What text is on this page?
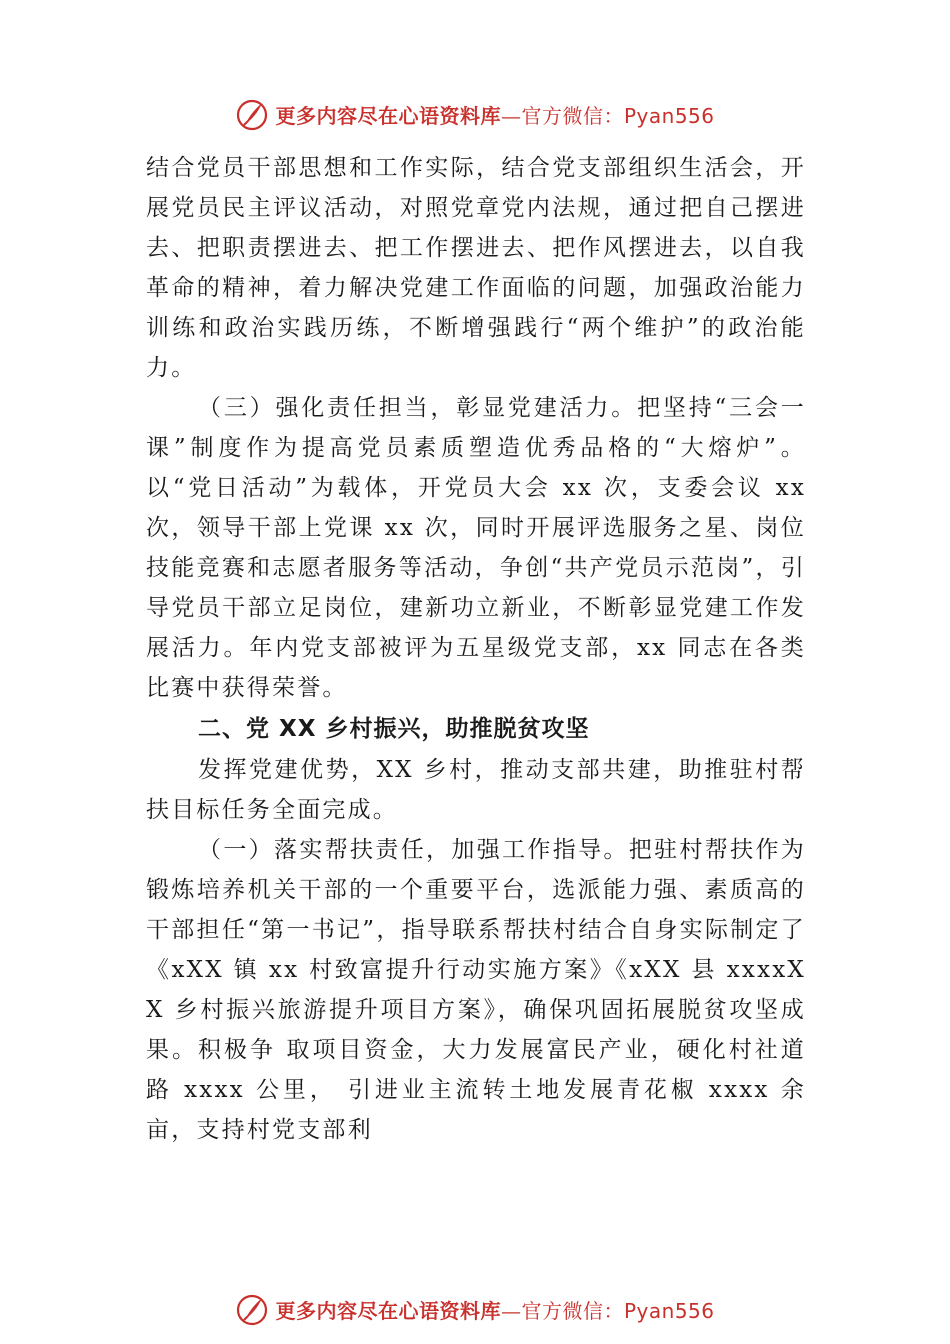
更多内容尽在心语资料库—官方微信：Pyan556

结合党员干部思想和工作实际，结合党支部组织生活会，开展党员民主评议活动，对照党章党内法规，通过把自己摆进去、把职责摆进去、把工作摆进去、把作风摆进去，以自我革命的精神，着力解决党建工作面临的问题，加强政治能力训练和政治实践历练，不断增强践行“两个维护”的政治能力。

（三）强化责任担当，彰显党建活力。把坚持“三会一课”制度作为提高党员素质塑造优秀品格的“大熔炉”。以“党日活动”为载体，开党员大会 xx 次，支委会议 xx 次，领导干部上党课 xx 次，同时开展评选服务之星、岗位技能竞赛和志愿者服务等活动，争创“共产党员示范岗”，引导党员干部立足岗位，建新功立新业，不断彰显党建工作发展活力。年内党支部被评为五星级党支部，xx 同志在各类比赛中获得荣誉。

二、党 XX 乡村振兴，助推脱贫攻坚

发挥党建优势，XX 乡村，推动支部共建，助推驻村帮扶目标任务全面完成。

（一）落实帮扶责任，加强工作指导。把驻村帮扶作为锻炼培养机关干部的一个重要平台，选派能力强、素质高的干部担任“第一书记”，指导联系帮扶村结合自身实际制定了《xXX 镇 xx 村致富提升行动实施方案》《xXX 县 xxxxXX 乡村振兴旅游提升项目方案》，确保巩固拓展脱贫攻坚成果。积极争 取项目资金，大力发展富民产业，硬化村社道路 xxxx 公里， 引进业主流转土地发展青花椒 xxxx 余亩，支持村党支部利

更多内容尽在心语资料库—官方微信：Pyan556
